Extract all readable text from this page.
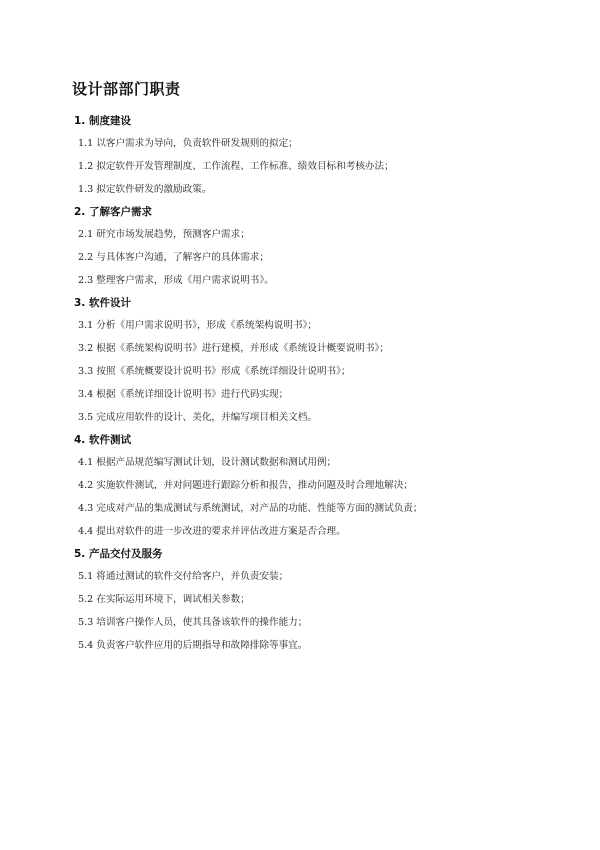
设计部部门职责

1. 制度建设

1.1 以客户需求为导向，负责软件研发规则的拟定；

1.2 拟定软件开发管理制度、工作流程、工作标准、绩效目标和考核办法；

1.3 拟定软件研发的激励政策。

2. 了解客户需求

2.1 研究市场发展趋势，预测客户需求；

2.2 与具体客户沟通，了解客户的具体需求；

2.3 整理客户需求，形成《用户需求说明书》。

3. 软件设计

3.1 分析《用户需求说明书》，形成《系统架构说明书》；

3.2 根据《系统架构说明书》进行建模，并形成《系统设计概要说明书》；

3.3 按照《系统概要设计说明书》形成《系统详细设计说明书》；

3.4 根据《系统详细设计说明书》进行代码实现；

3.5 完成应用软件的设计、美化，并编写项目相关文档。

4. 软件测试

4.1 根据产品规范编写测试计划，设计测试数据和测试用例；

4.2 实施软件测试，并对问题进行跟踪分析和报告，推动问题及时合理地解决；

4.3 完成对产品的集成测试与系统测试，对产品的功能、性能等方面的测试负责；

4.4 提出对软件的进一步改进的要求并评估改进方案是否合理。

5. 产品交付及服务

5.1 将通过测试的软件交付给客户，并负责安装；

5.2 在实际运用环境下，调试相关参数；

5.3 培训客户操作人员，使其具备该软件的操作能力；

5.4 负责客户软件应用的后期指导和故障排除等事宜。
